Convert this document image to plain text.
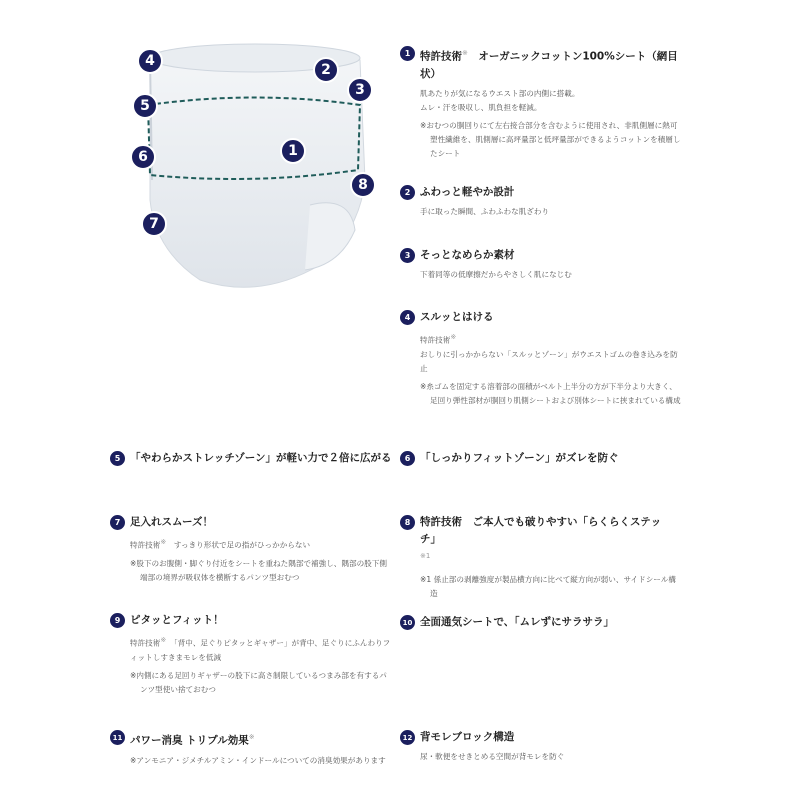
4
2
3
5
6	1
8
7
1 特許技術※　オーガニックコットン100%シート（網目状）
肌あたりが気になるウエスト部の内側に搭載。
ムレ・汗を吸収し、肌負担を軽減。
※おむつの胴回りにて左右接合部分を含むように使用され、非肌側層に熱可塑性繊維を、肌側層に高坪量部と低坪量部ができるようコットンを積層したシート
2 ふわっと軽やか設計
手に取った瞬間、ふわふわな肌ざわり
3 そっとなめらか素材
下着同等の低摩擦だからやさしく肌になじむ
4 スルッとはける
特許技術※
おしりに引っかからない「スルッとゾーン」がウエストゴムの巻き込みを防止
※糸ゴムを固定する溶着部の面積がベルト上半分の方が下半分より大きく、足回り弾性部材が胴回り肌側シートおよび別体シートに挟まれている構成
5 「やわらかストレッチゾーン」が軽い力で２倍に広がる	6 「しっかりフィットゾーン」がズレを防ぐ
7 足入れスムーズ！
特許技術※　 すっきり形状で足の指がひっかからない
※股下のお腹側・脚ぐり付近をシートを重ねた隅部で補強し、隅部の股下側端部の境界が吸収体を横断するパンツ型おむつ
8 特許技術　ご本人でも破りやすい「らくらくステッチ」
$^{※1}$
※1 係止部の剥離強度が製品横方向に比べて縦方向が弱い、サイドシール構造
9 ピタッとフィット！
特許技術※　 「背中、足ぐりピタッとギャザー」が背中、足ぐりにふんわりフィットしすきまモレを低減
※内側にある足回りギャザーの股下に高さ制限しているつまみ部を有するパンツ型使い捨ておむつ
10 全面通気シートで、「ムレずにサラサラ」
11 パワー消臭 トリプル効果※
※アンモニア・ジメチルアミン・インドールについての消臭効果があります
12 背モレブロック構造
尿・軟便をせきとめる空間が背モレを防ぐ
